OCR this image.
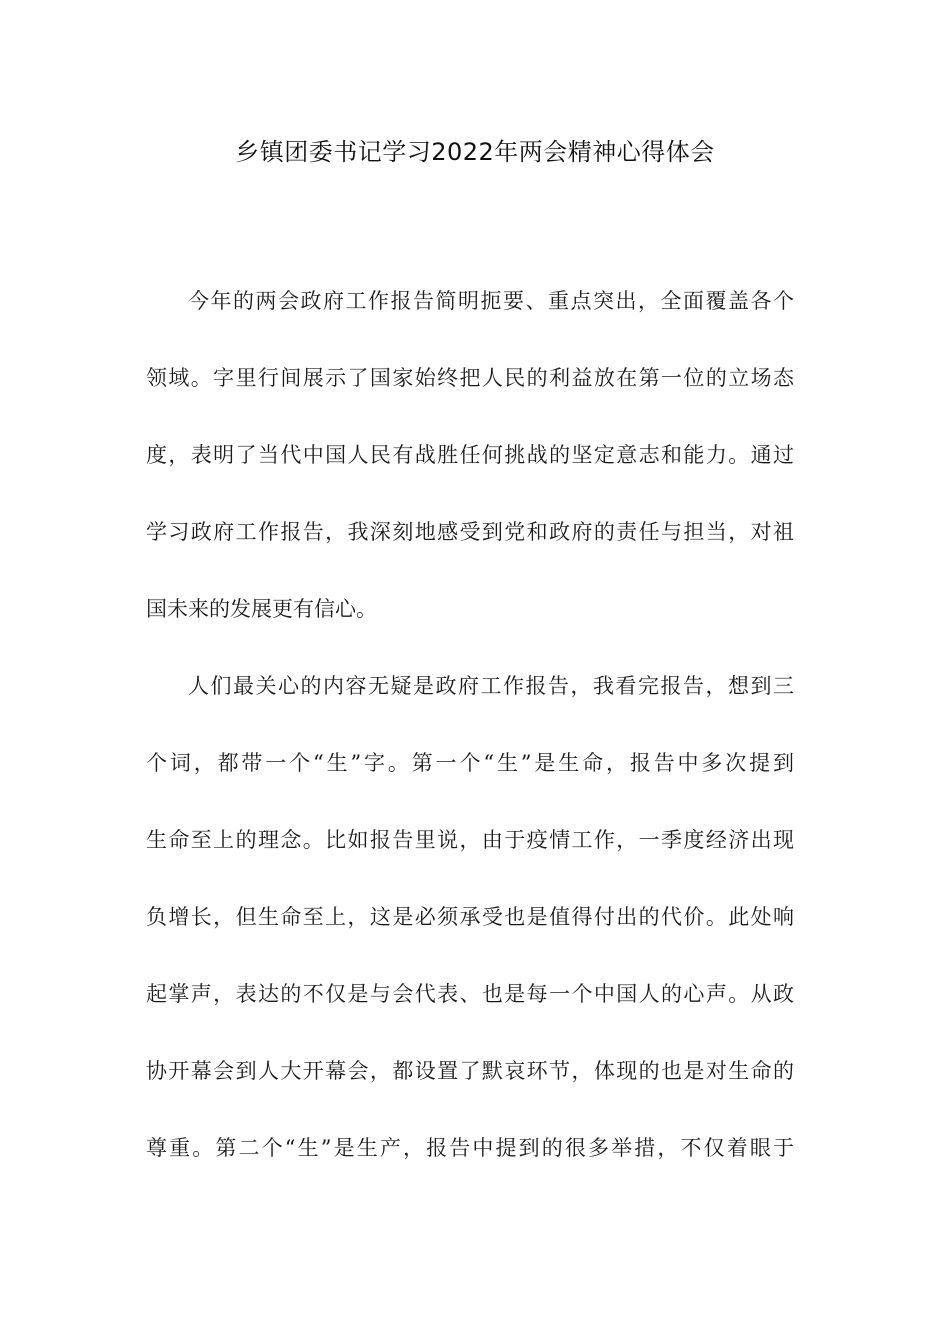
乡镇团委书记学习2022年两会精神心得体会
今年的两会政府工作报告简明扼要、重点突出，全面覆盖各个
领域。字里行间展示了国家始终把人民的利益放在第一位的立场态
度，表明了当代中国人民有战胜任何挑战的坚定意志和能力。通过
学习政府工作报告，我深刻地感受到党和政府的责任与担当，对祖
国未来的发展更有信心。
人们最关心的内容无疑是政府工作报告，我看完报告，想到三
个词，都带一个“生”字。第一个“生”是生命，报告中多次提到
生命至上的理念。比如报告里说，由于疫情工作，一季度经济出现
负增长，但生命至上，这是必须承受也是值得付出的代价。此处响
起掌声，表达的不仅是与会代表、也是每一个中国人的心声。从政
协开幕会到人大开幕会，都设置了默哀环节，体现的也是对生命的
尊重。第二个“生”是生产，报告中提到的很多举措，不仅着眼于
